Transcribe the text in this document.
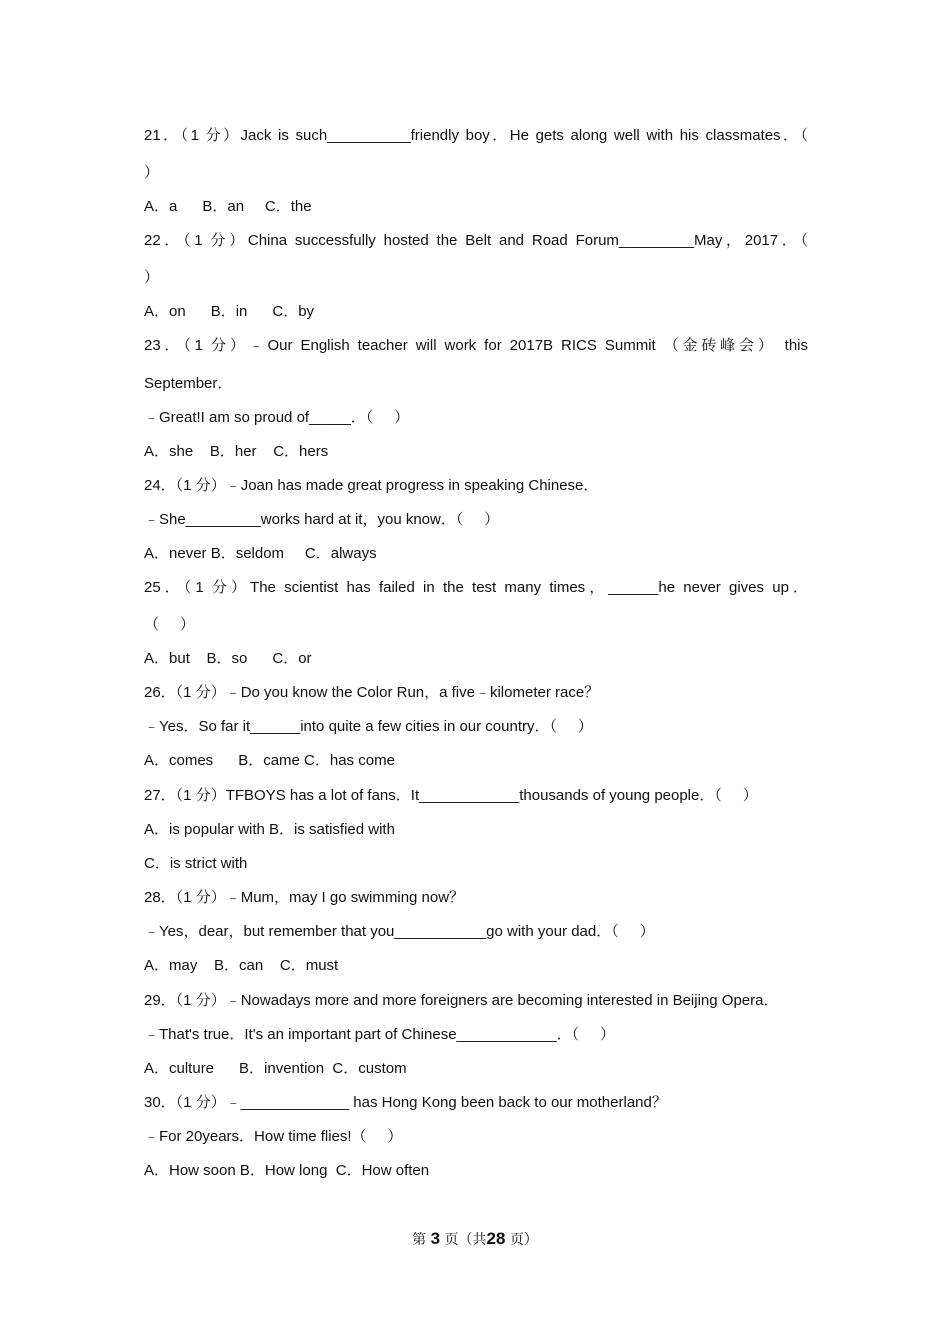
21．（1 分）Jack is such__________friendly boy．He gets along well with his classmates．（
）
A．a      B．an     C．the
22．（1 分）China successfully hosted the Belt and Road Forum_________May，2017．（
）
A．on      B．in      C．by
23．（1 分）﹣Our English teacher will work for 2017B RICS Summit （金砖峰会） this
September．
﹣Great!I am so proud of_____．（     ）
A．she    B．her    C．hers
24．（1 分）﹣Joan has made great progress in speaking Chinese．
﹣She_________works hard at it，you know．（     ）
A．never B．seldom     C．always
25．（1 分）The scientist has failed in the test many times，______he never gives up．
（     ）
A．but    B．so      C．or
26．（1 分）﹣Do you know the Color Run，a five﹣kilometer race？
﹣Yes．So far it______into quite a few cities in our country．（     ）
A．comes      B．came C．has come
27．（1 分）TFBOYS has a lot of fans．It____________thousands of young people．（     ）
A．is popular with B．is satisfied with
C．is strict with
28．（1 分）﹣Mum，may I go swimming now？
﹣Yes，dear，but remember that you___________go with your dad．（     ）
A．may    B．can    C．must
29．（1 分）﹣Nowadays more and more foreigners are becoming interested in Beijing Opera．
﹣That's true．It's an important part of Chinese____________．（     ）
A．culture      B．invention  C．custom
30．（1 分）﹣_____________ has Hong Kong been back to our motherland？
﹣For 20years．How time flies!（     ）
A．How soon B．How long  C．How often
第 3 页（共28 页）
